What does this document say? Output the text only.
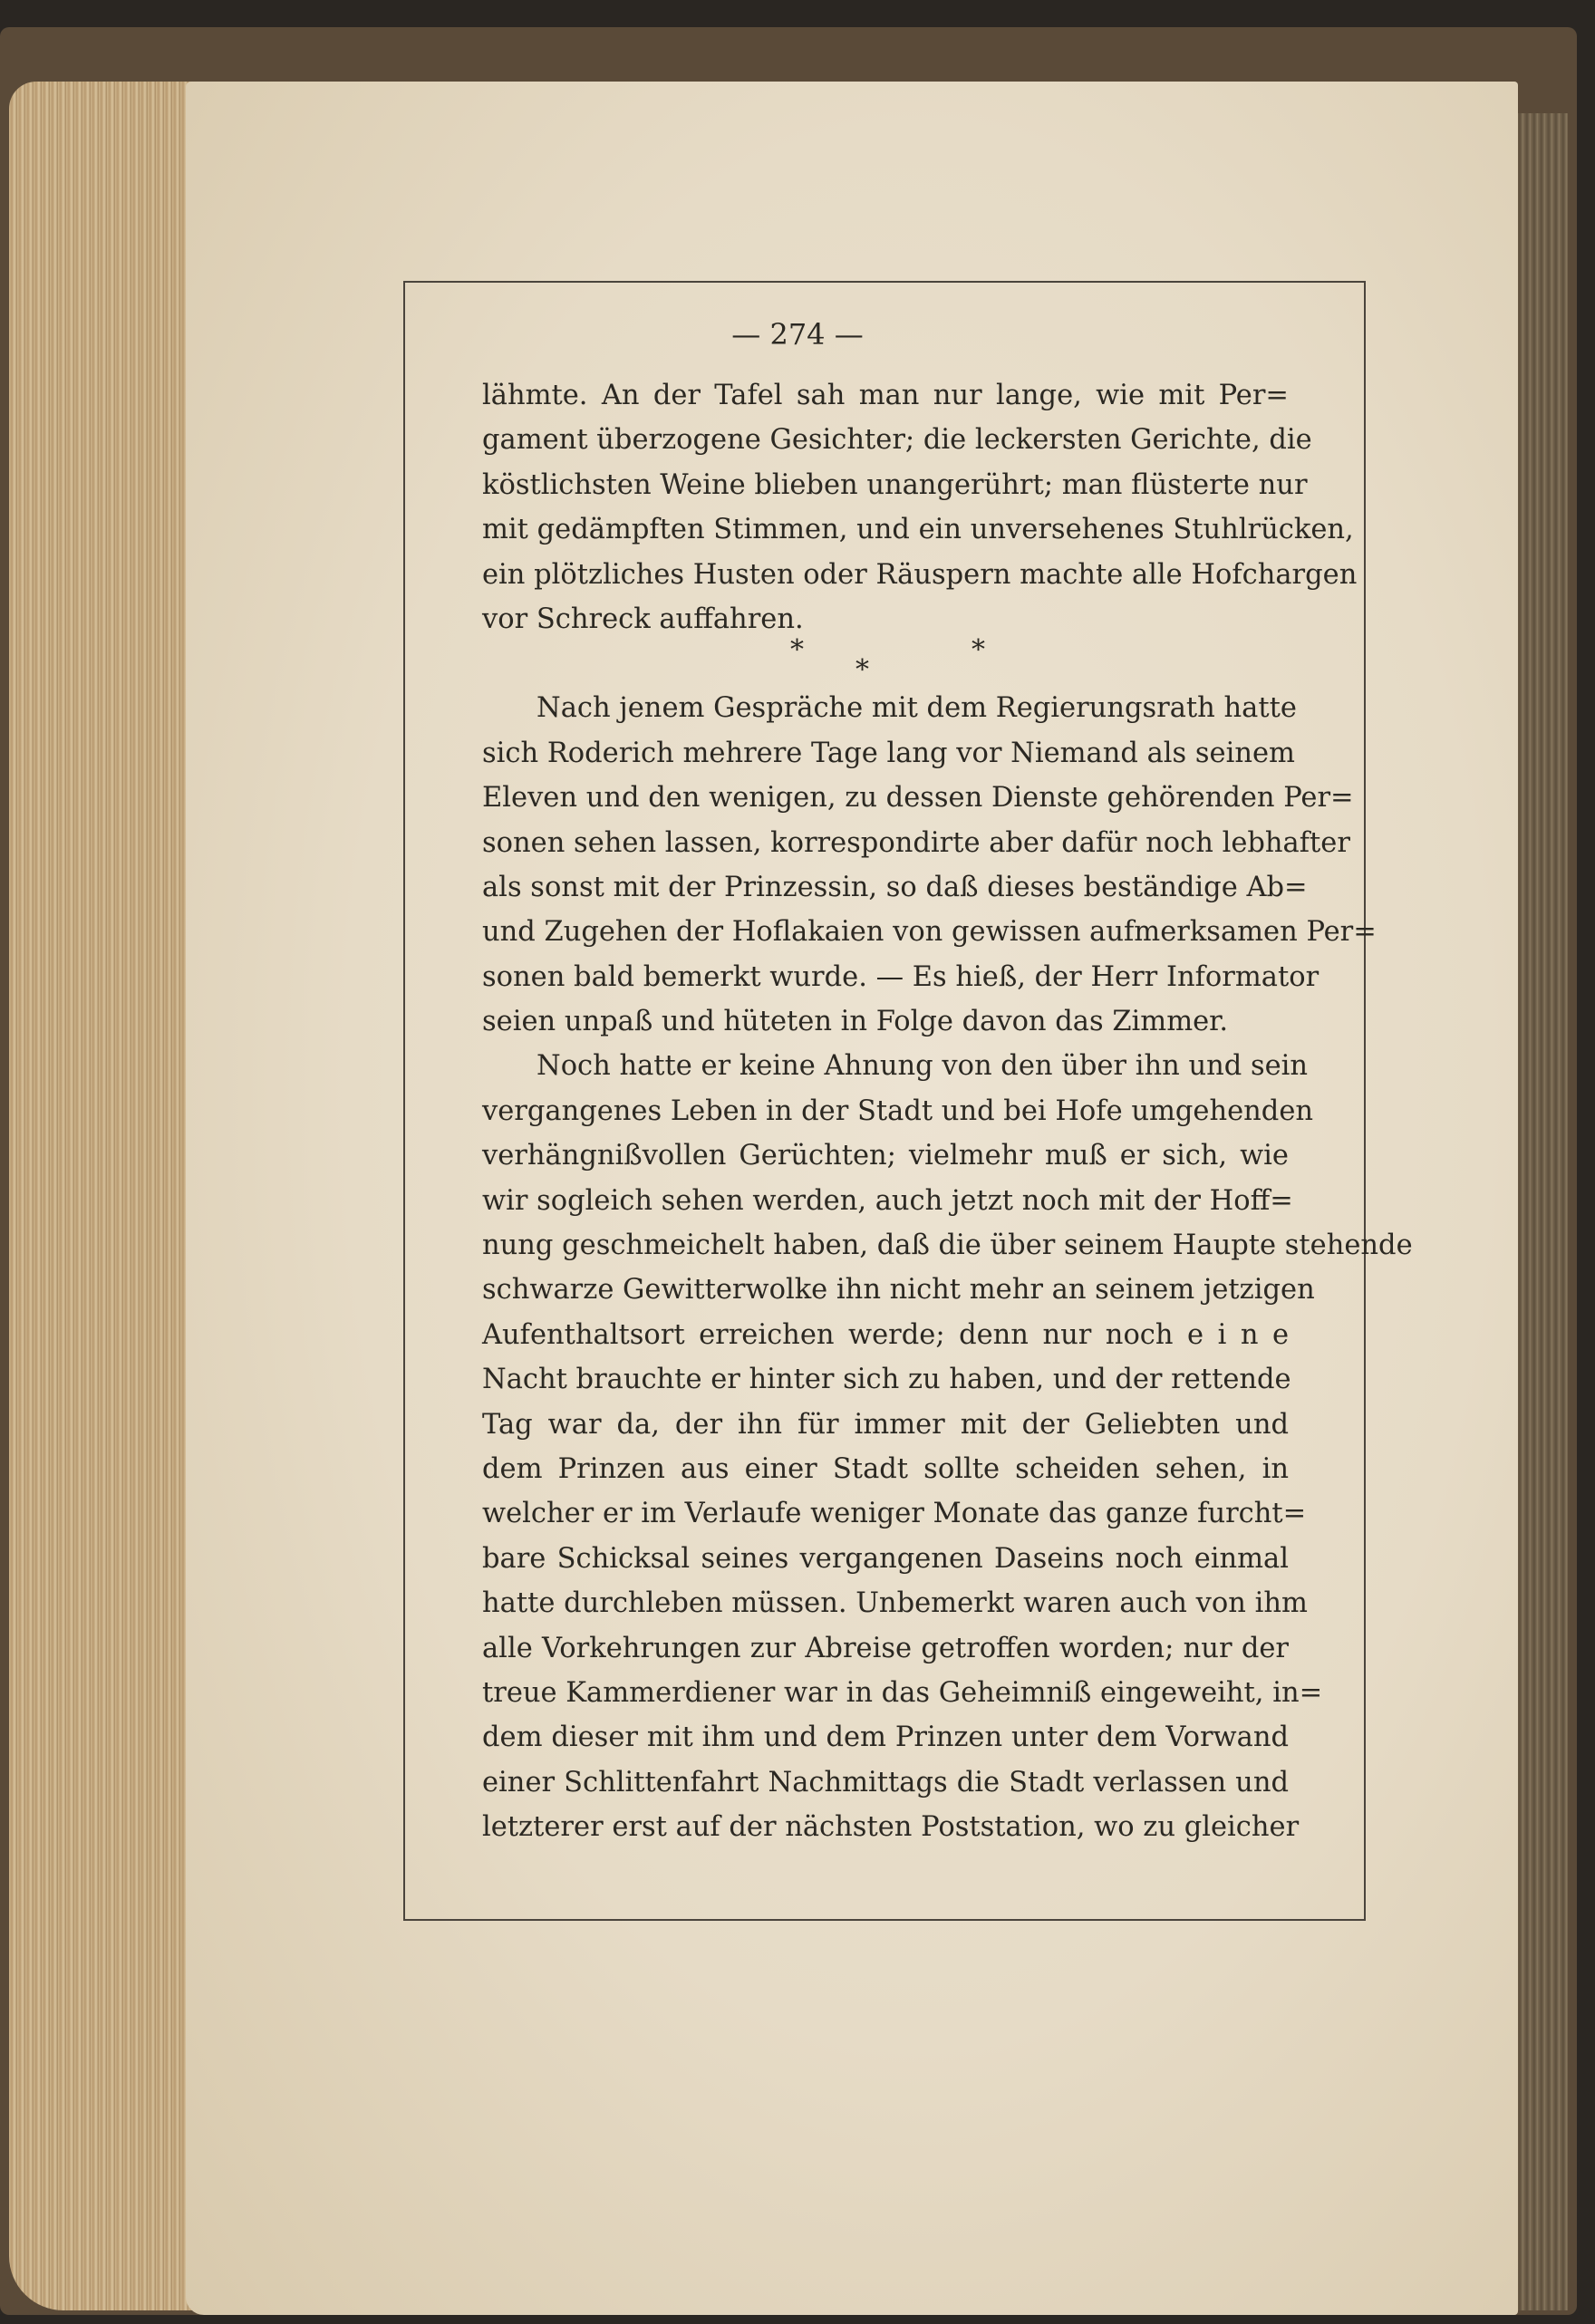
— 274 —
*
*
*
lähmte. An der Tafel sah man nur lange, wie mit Per=
gament überzogene Gesichter; die leckersten Gerichte, die
köstlichsten Weine blieben unangerührt; man flüsterte nur
mit gedämpften Stimmen, und ein unversehenes Stuhlrücken,
ein plötzliches Husten oder Räuspern machte alle Hofchargen
vor Schreck auffahren.
Nach jenem Gespräche mit dem Regierungsrath hatte
sich Roderich mehrere Tage lang vor Niemand als seinem
Eleven und den wenigen, zu dessen Dienste gehörenden Per=
sonen sehen lassen, korrespondirte aber dafür noch lebhafter
als sonst mit der Prinzessin, so daß dieses beständige Ab=
und Zugehen der Hoflakaien von gewissen aufmerksamen Per=
sonen bald bemerkt wurde. — Es hieß, der Herr Informator
seien unpaß und hüteten in Folge davon das Zimmer.
Noch hatte er keine Ahnung von den über ihn und sein
vergangenes Leben in der Stadt und bei Hofe umgehenden
verhängnißvollen Gerüchten; vielmehr muß er sich, wie
wir sogleich sehen werden, auch jetzt noch mit der Hoff=
nung geschmeichelt haben, daß die über seinem Haupte stehende
schwarze Gewitterwolke ihn nicht mehr an seinem jetzigen
Aufenthaltsort erreichen werde; denn nur noch e i n e
Nacht brauchte er hinter sich zu haben, und der rettende
Tag war da, der ihn für immer mit der Geliebten und
dem Prinzen aus einer Stadt sollte scheiden sehen, in
welcher er im Verlaufe weniger Monate das ganze furcht=
bare Schicksal seines vergangenen Daseins noch einmal
hatte durchleben müssen. Unbemerkt waren auch von ihm
alle Vorkehrungen zur Abreise getroffen worden; nur der
treue Kammerdiener war in das Geheimniß eingeweiht, in=
dem dieser mit ihm und dem Prinzen unter dem Vorwand
einer Schlittenfahrt Nachmittags die Stadt verlassen und
letzterer erst auf der nächsten Poststation, wo zu gleicher
